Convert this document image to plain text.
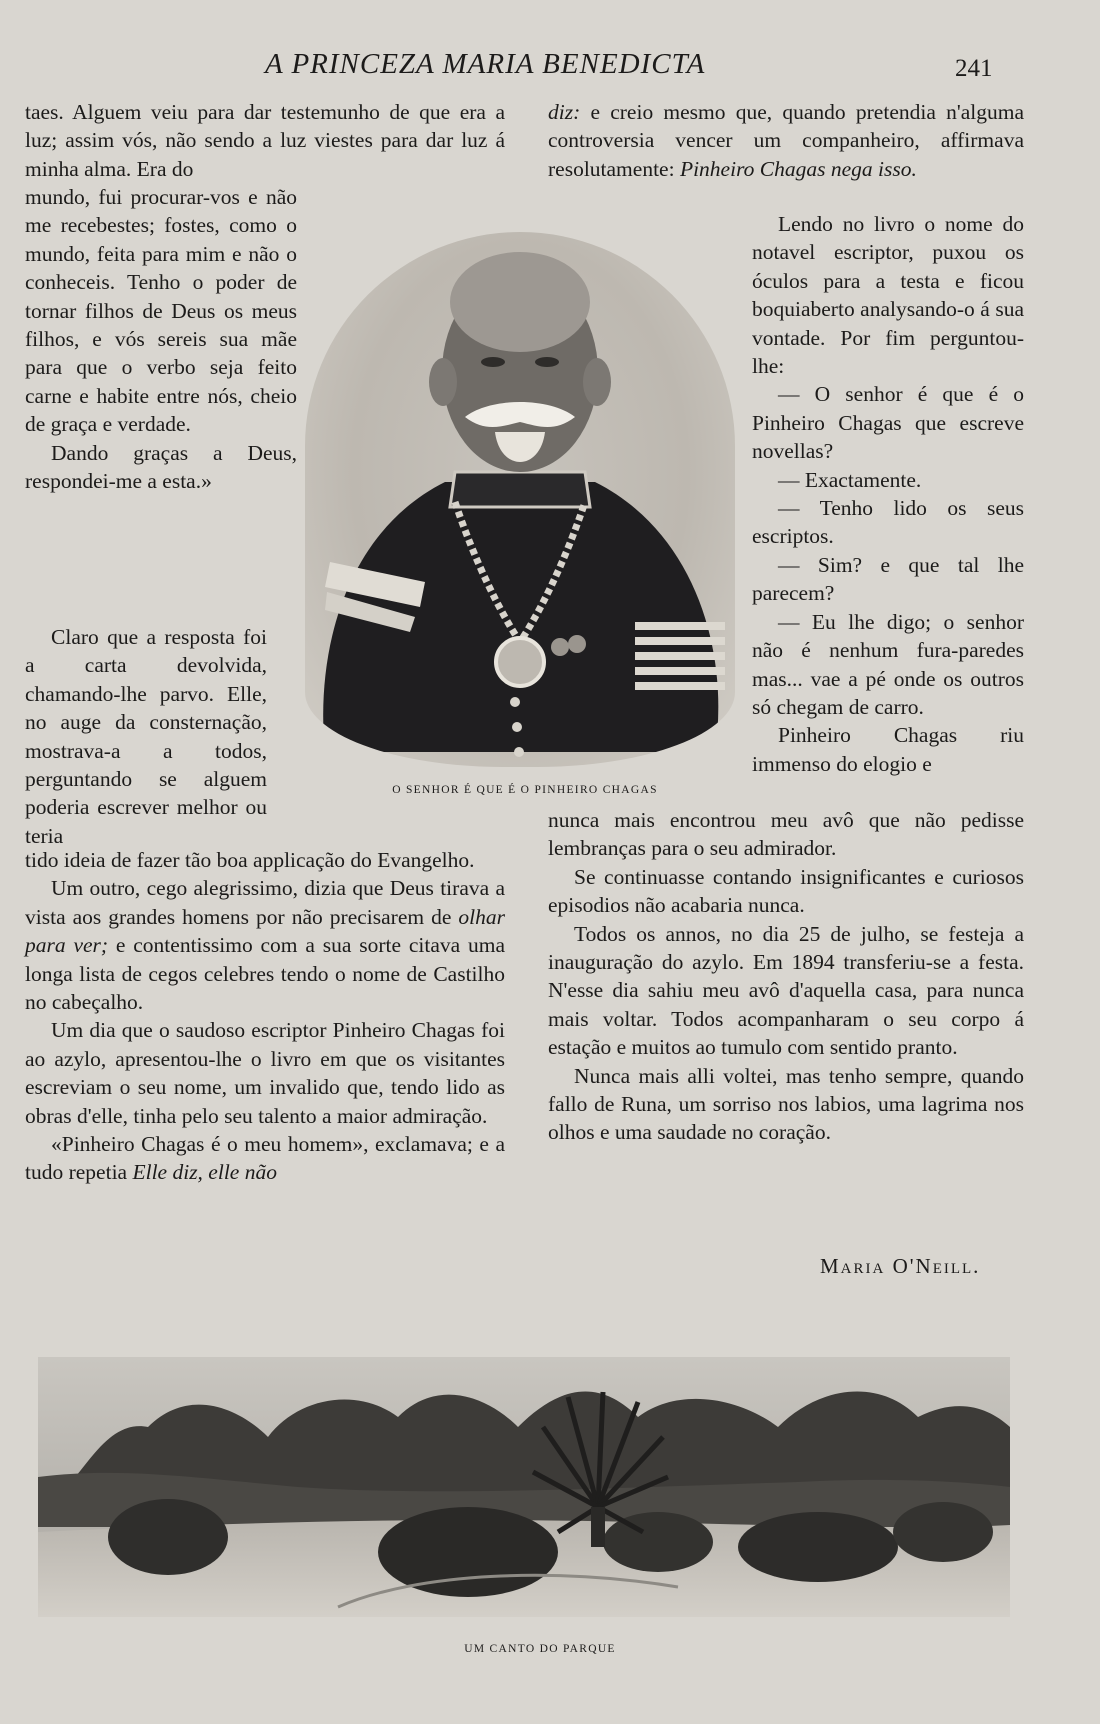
A PRINCEZA MARIA BENEDICTA	241

taes. Alguem veiu para dar testemunho de que era a luz; assim vós, não sendo a luz viestes para dar luz á minha alma. Era do

mundo, fui procurar-vos e não me recebestes; fostes, como o mundo, feita para mim e não o conheceis. Tenho o poder de tornar filhos de Deus os meus filhos, e vós sereis sua mãe para que o verbo seja feito carne e habite entre nós, cheio de graça e verdade.

Dando graças a Deus, respondei-me a esta.»

Claro que a resposta foi a carta devolvida, chamando-lhe parvo. Elle, no auge da consternação, mostrava-a a todos, perguntando se alguem poderia escrever melhor ou teria

tido ideia de fazer tão boa applicação do Evangelho.

Um outro, cego alegrissimo, dizia que Deus tirava a vista aos grandes homens por não precisarem de olhar para ver; e contentissimo com a sua sorte citava uma longa lista de cegos celebres tendo o nome de Castilho no cabeçalho.

Um dia que o saudoso escriptor Pinheiro Chagas foi ao azylo, apresentou-lhe o livro em que os visitantes escreviam o seu nome, um invalido que, tendo lido as obras d'elle, tinha pelo seu talento a maior admiração.

«Pinheiro Chagas é o meu homem», exclamava; e a tudo repetia Elle diz, elle não

diz: e creio mesmo que, quando pretendia n'alguma controversia vencer um companheiro, affirmava resolutamente: Pinheiro Chagas nega isso.

Lendo no livro o nome do notavel escriptor, puxou os óculos para a testa e ficou boquiaberto analysando-o á sua vontade. Por fim perguntou-lhe:

— O senhor é que é o Pinheiro Chagas que escreve novellas?

— Exactamente.

— Tenho lido os seus escriptos.

— Sim? e que tal lhe parecem?

— Eu lhe digo; o senhor não é nenhum fura-paredes mas... vae a pé onde os outros só chegam de carro.

Pinheiro Chagas riu immenso do elogio e

nunca mais encontrou meu avô que não pedisse lembranças para o seu admirador.

Se continuasse contando insignificantes e curiosos episodios não acabaria nunca.

Todos os annos, no dia 25 de julho, se festeja a inauguração do azylo. Em 1894 transferiu-se a festa. N'esse dia sahiu meu avô d'aquella casa, para nunca mais voltar. Todos acompanharam o seu corpo á estação e muitos ao tumulo com sentido pranto.

Nunca mais alli voltei, mas tenho sempre, quando fallo de Runa, um sorriso nos labios, uma lagrima nos olhos e uma saudade no coração.

Maria O'Neill.
O SENHOR É QUE É O PINHEIRO CHAGAS
UM CANTO DO PARQUE
